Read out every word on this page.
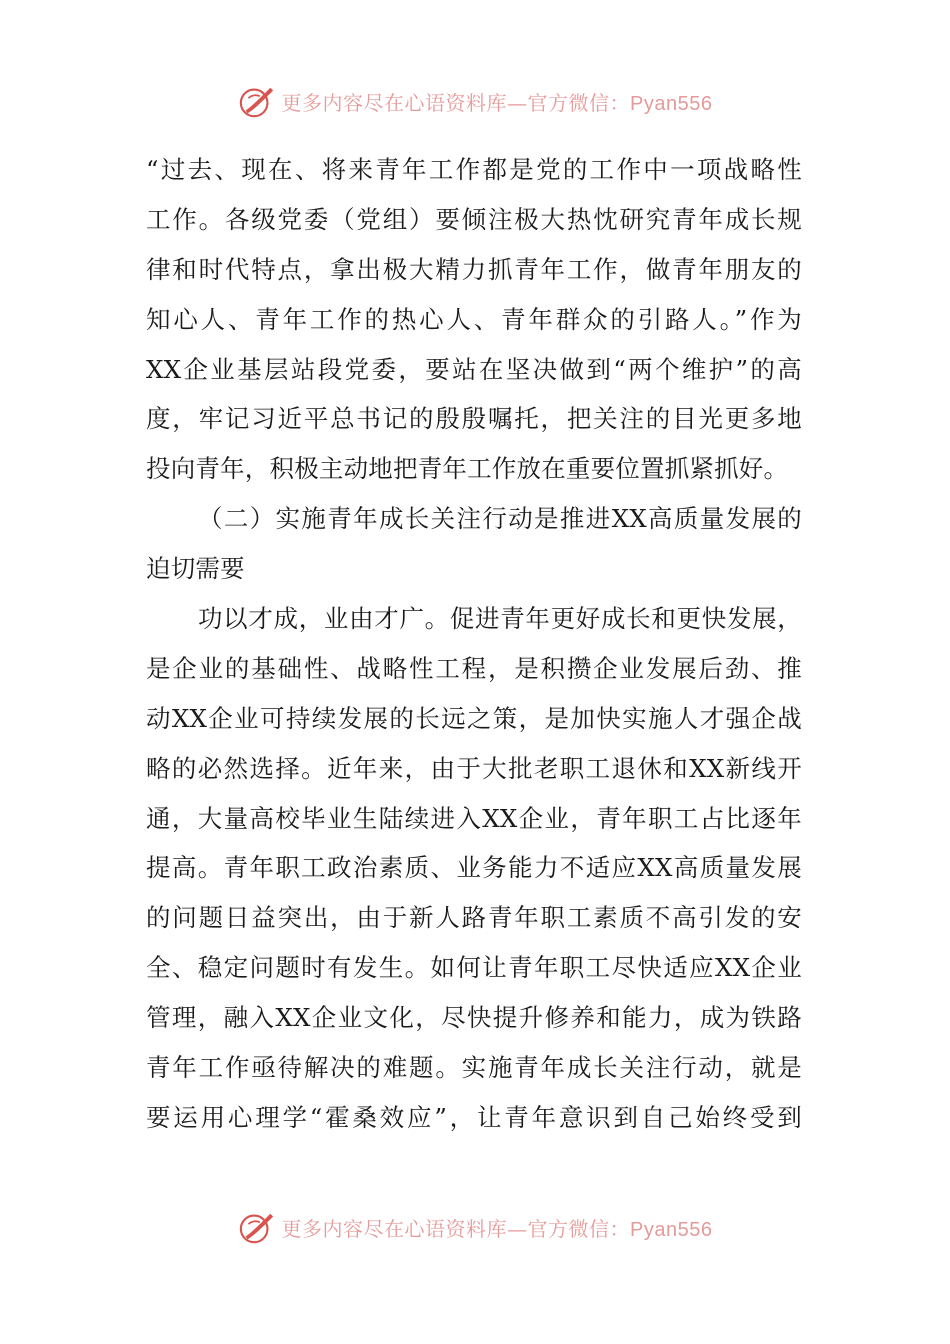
更多内容尽在心语资料库—官方微信：Pyan556
“过去、现在、将来青年工作都是党的工作中一项战略性
工作。各级党委（党组）要倾注极大热忱研究青年成长规
律和时代特点，拿出极大精力抓青年工作，做青年朋友的
知心人、青年工作的热心人、青年群众的引路人。”作为
XX企业基层站段党委，要站在坚决做到“两个维护”的高
度，牢记习近平总书记的殷殷嘱托，把关注的目光更多地
投向青年，积极主动地把青年工作放在重要位置抓紧抓好。
（二）实施青年成长关注行动是推进XX高质量发展的
迫切需要
功以才成，业由才广。促进青年更好成长和更快发展，
是企业的基础性、战略性工程，是积攒企业发展后劲、推
动XX企业可持续发展的长远之策，是加快实施人才强企战
略的必然选择。近年来，由于大批老职工退休和XX新线开
通，大量高校毕业生陆续进入XX企业，青年职工占比逐年
提高。青年职工政治素质、业务能力不适应XX高质量发展
的问题日益突出，由于新人路青年职工素质不高引发的安
全、稳定问题时有发生。如何让青年职工尽快适应XX企业
管理，融入XX企业文化，尽快提升修养和能力，成为铁路
青年工作亟待解决的难题。实施青年成长关注行动，就是
要运用心理学“霍桑效应”，让青年意识到自己始终受到
更多内容尽在心语资料库—官方微信：Pyan556
